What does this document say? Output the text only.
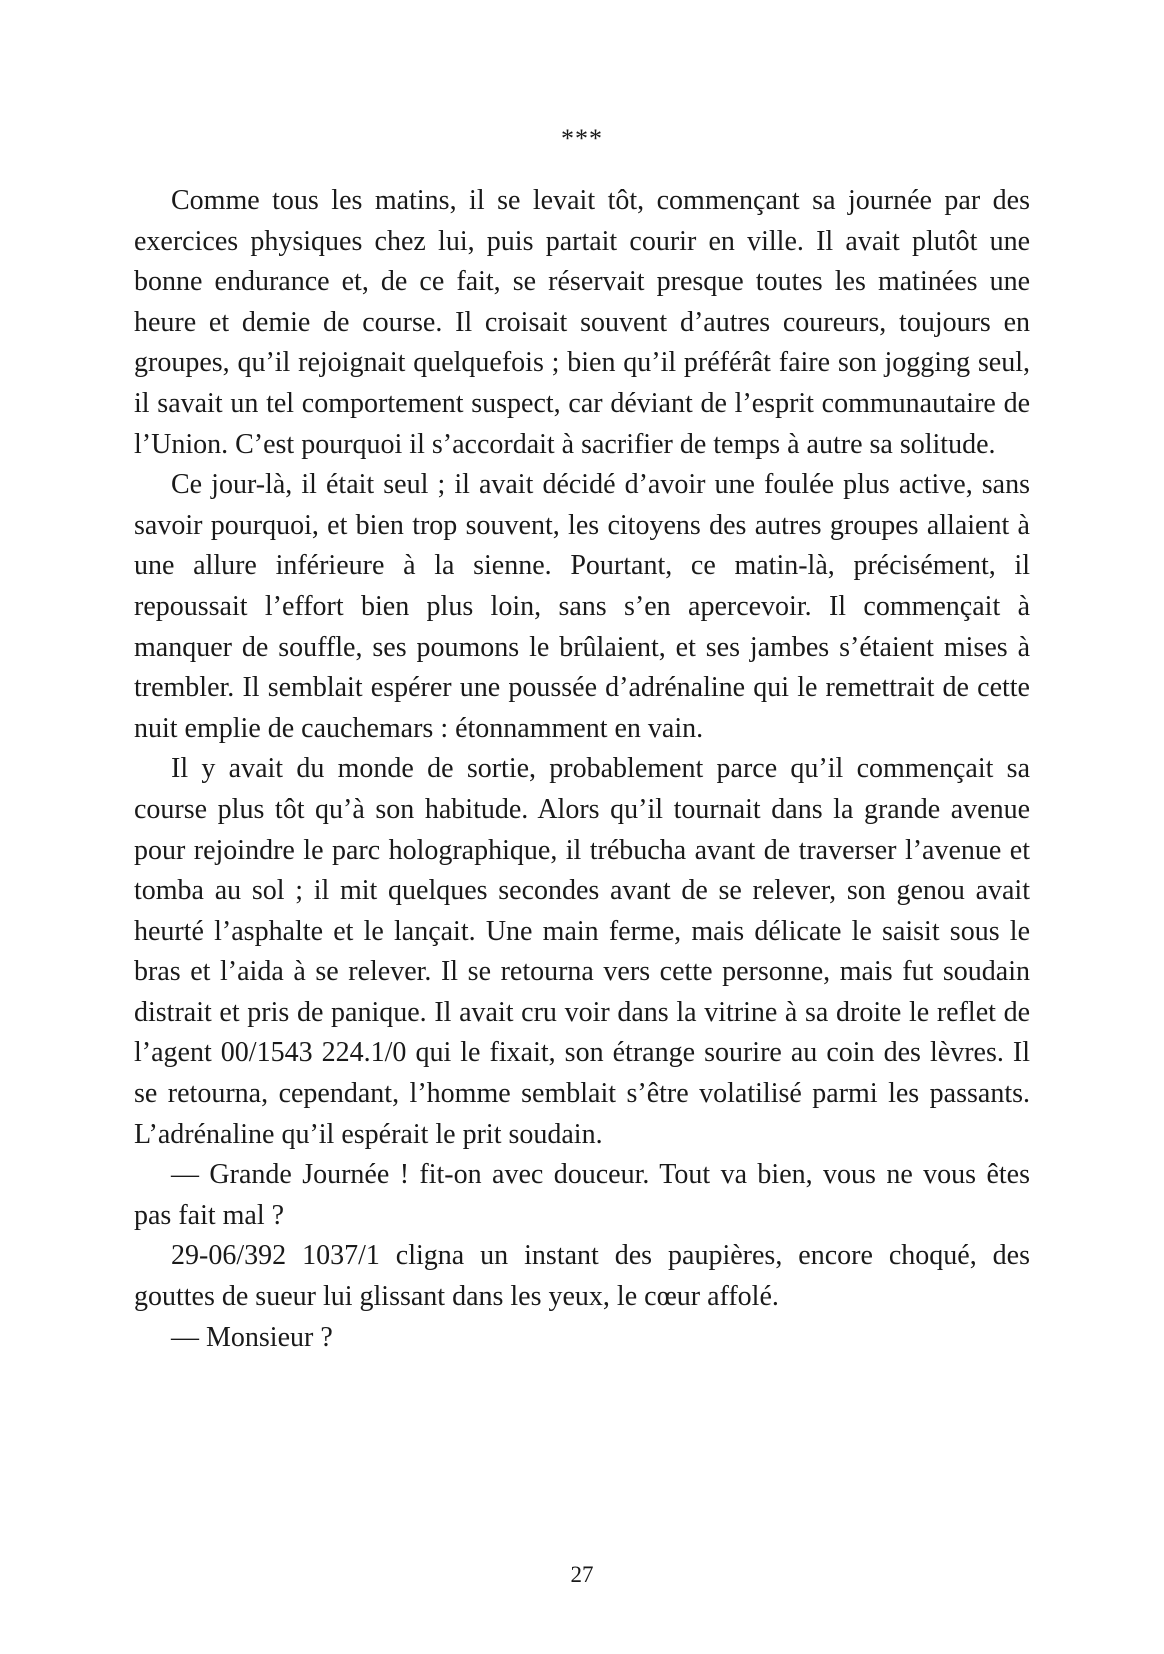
***

Comme tous les matins, il se levait tôt, commençant sa journée par des exercices physiques chez lui, puis partait courir en ville. Il avait plutôt une bonne endurance et, de ce fait, se réservait presque toutes les matinées une heure et demie de course. Il croisait souvent d’autres coureurs, toujours en groupes, qu’il rejoignait quelquefois ; bien qu’il préférât faire son jogging seul, il savait un tel comportement suspect, car déviant de l’esprit communautaire de l’Union. C’est pourquoi il s’accordait à sacrifier de temps à autre sa solitude.

Ce jour-là, il était seul ; il avait décidé d’avoir une foulée plus active, sans savoir pourquoi, et bien trop souvent, les citoyens des autres groupes allaient à une allure inférieure à la sienne. Pourtant, ce matin-là, précisément, il repoussait l’effort bien plus loin, sans s’en apercevoir. Il commençait à manquer de souffle, ses poumons le brûlaient, et ses jambes s’étaient mises à trembler. Il semblait espérer une poussée d’adrénaline qui le remettrait de cette nuit emplie de cauchemars : étonnamment en vain.

Il y avait du monde de sortie, probablement parce qu’il commençait sa course plus tôt qu’à son habitude. Alors qu’il tournait dans la grande avenue pour rejoindre le parc holographique, il trébucha avant de traverser l’avenue et tomba au sol ; il mit quelques secondes avant de se relever, son genou avait heurté l’asphalte et le lançait. Une main ferme, mais délicate le saisit sous le bras et l’aida à se relever. Il se retourna vers cette personne, mais fut soudain distrait et pris de panique. Il avait cru voir dans la vitrine à sa droite le reflet de l’agent 00/1543 224.1/0 qui le fixait, son étrange sourire au coin des lèvres. Il se retourna, cependant, l’homme semblait s’être volatilisé parmi les passants. L’adrénaline qu’il espérait le prit soudain.

— Grande Journée ! fit-on avec douceur. Tout va bien, vous ne vous êtes pas fait mal ?

29-06/392 1037/1 cligna un instant des paupières, encore choqué, des gouttes de sueur lui glissant dans les yeux, le cœur affolé.

— Monsieur ?

27
